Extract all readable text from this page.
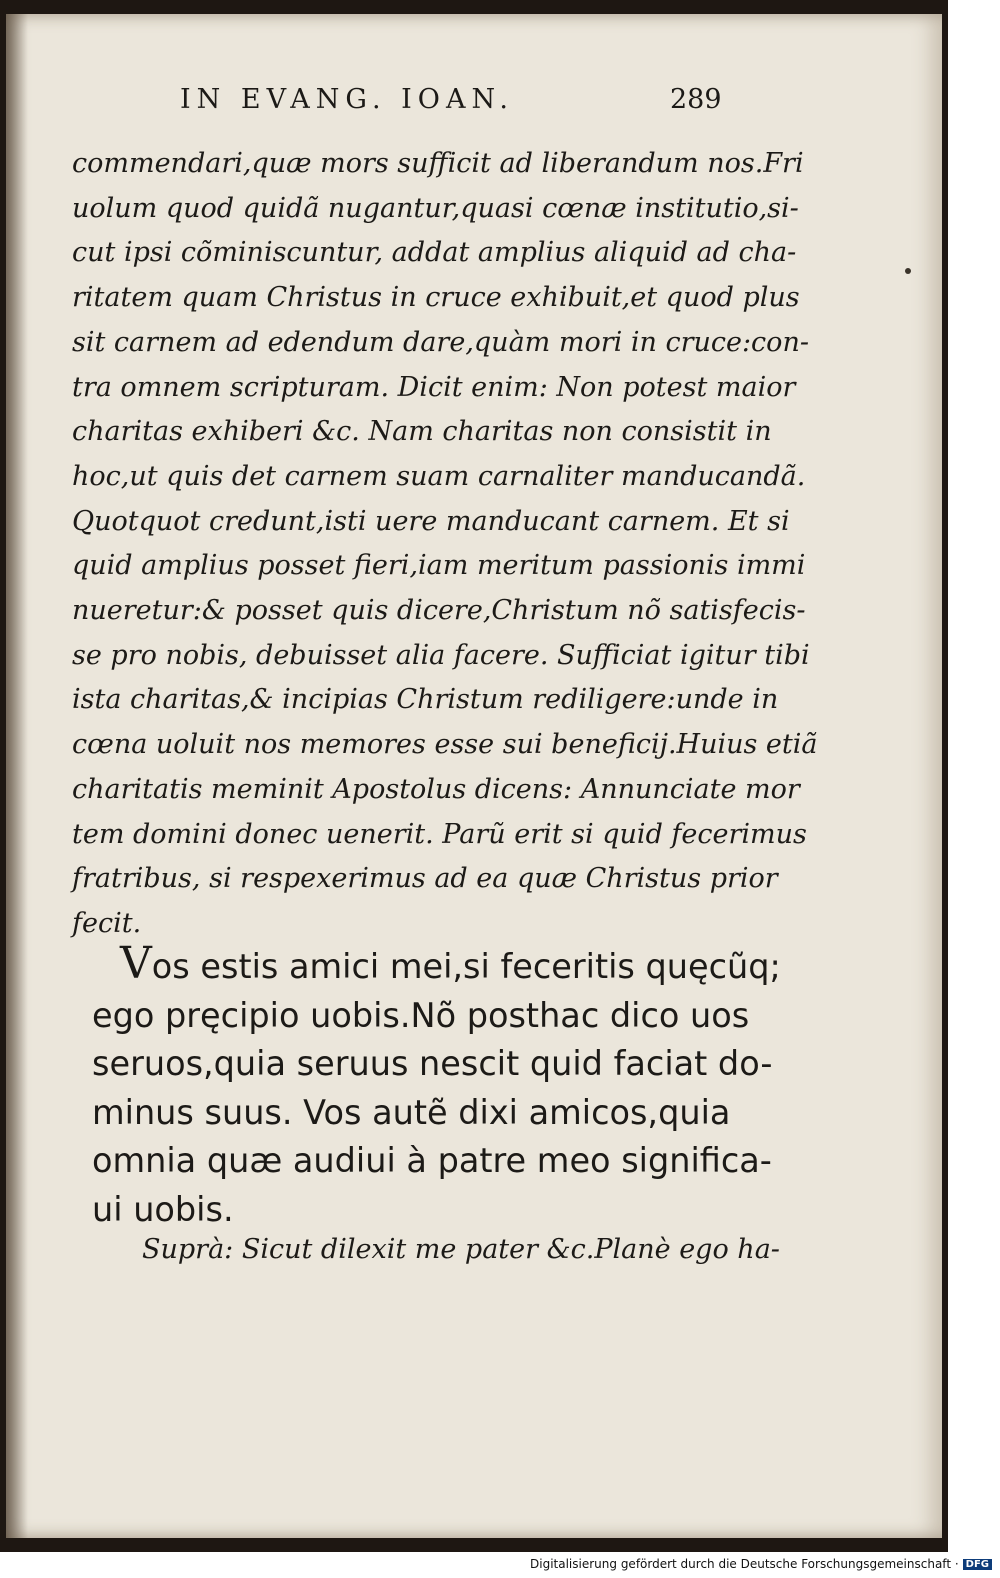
IN EVANG. IOAN.	289
commendari,quæ mors sufficit ad liberandum nos.Fri
uolum quod quidã nugantur,quasi cœnæ institutio,si-
cut ipsi cõminiscuntur, addat amplius aliquid ad cha-
ritatem quam Christus in cruce exhibuit,et quod plus
sit carnem ad edendum dare,quàm mori in cruce:con-
tra omnem scripturam. Dicit enim: Non potest maior
charitas exhiberi &c. Nam charitas non consistit in
hoc,ut quis det carnem suam carnaliter manducandã.
Quotquot credunt,isti uere manducant carnem. Et si
quid amplius posset fieri,iam meritum passionis immi
nueretur:& posset quis dicere,Christum nõ satisfecis-
se pro nobis, debuisset alia facere. Sufficiat igitur tibi
ista charitas,& incipias Christum rediligere:unde in
cœna uoluit nos memores esse sui beneficij.Huius etiã
charitatis meminit Apostolus dicens: Annunciate mor
tem domini donec uenerit. Parũ erit si quid fecerimus
fratribus, si respexerimus ad ea quæ Christus prior
fecit.
Vos estis amici mei,si feceritis quęcũq;
ego pręcipio uobis.Nõ posthac dico uos
seruos,quia seruus nescit quid faciat do-
minus suus. Vos autẽ dixi amicos,quia
omnia quæ audiui à patre meo significa-
ui uobis.
Suprà: Sicut dilexit me pater &c.Planè ego ha-
Digitalisierung gefördert durch die Deutsche Forschungsgemeinschaft · DFG
